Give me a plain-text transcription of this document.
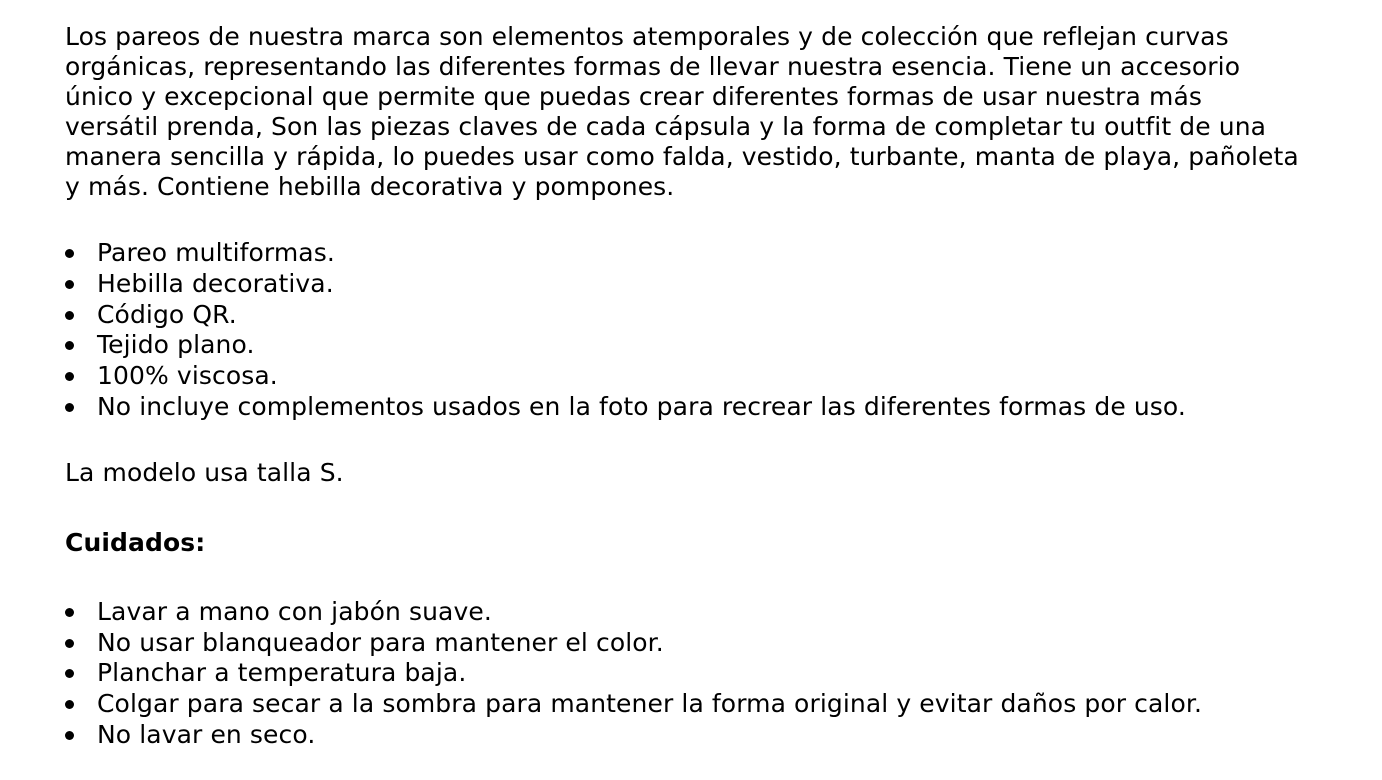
Los pareos de nuestra marca son elementos atemporales y de colección que reflejan curvas
orgánicas, representando las diferentes formas de llevar nuestra esencia. Tiene un accesorio
único y excepcional que permite que puedas crear diferentes formas de usar nuestra más
versátil prenda, Son las piezas claves de cada cápsula y la forma de completar tu outfit de una
manera sencilla y rápida, lo puedes usar como falda, vestido, turbante, manta de playa, pañoleta
y más. Contiene hebilla decorativa y pompones.
Pareo multiformas.
Hebilla decorativa.
Código QR.
Tejido plano.
100% viscosa.
No incluye complementos usados en la foto para recrear las diferentes formas de uso.
La modelo usa talla S.
Cuidados:
Lavar a mano con jabón suave.
No usar blanqueador para mantener el color.
Planchar a temperatura baja.
Colgar para secar a la sombra para mantener la forma original y evitar daños por calor.
No lavar en seco.
